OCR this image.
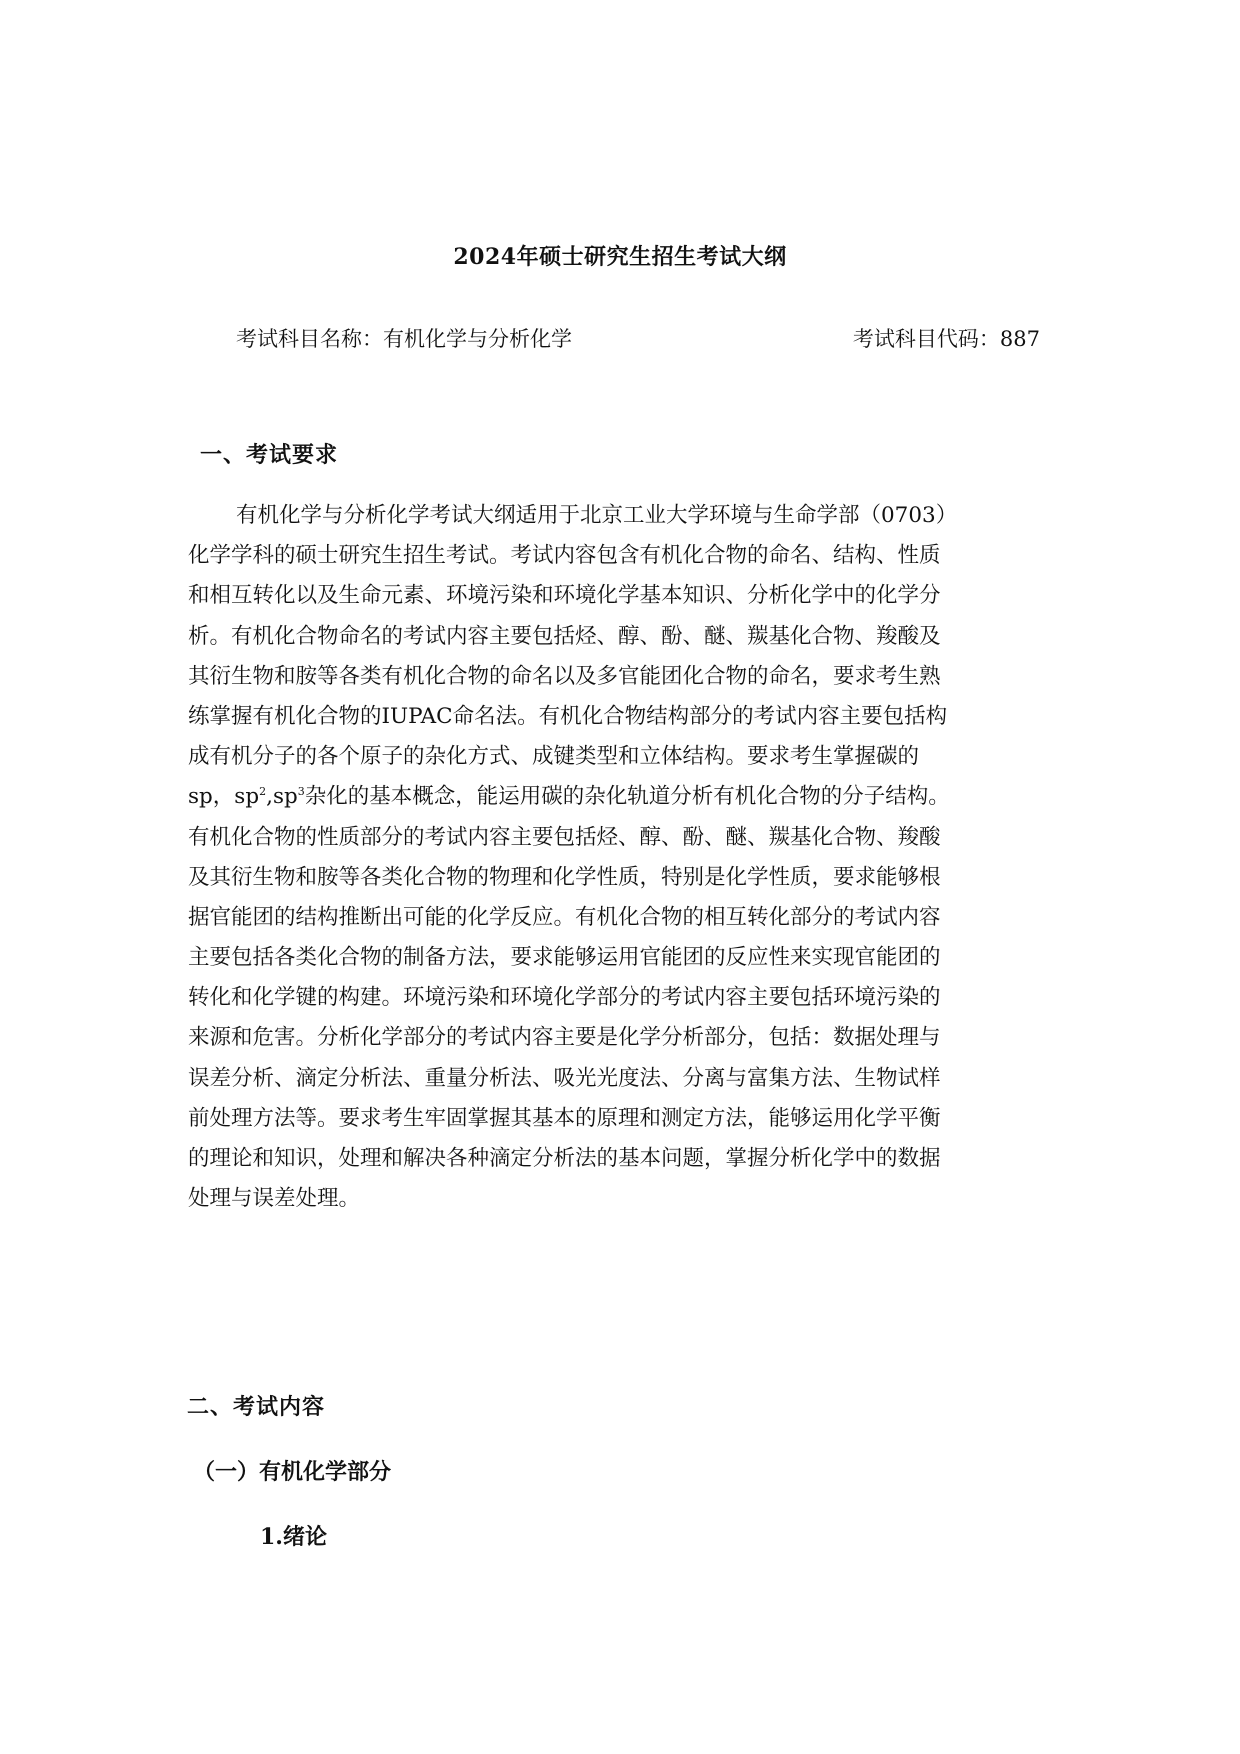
2024年硕士研究生招生考试大纲
考试科目名称：有机化学与分析化学	考试科目代码：887
一、考试要求
有机化学与分析化学考试大纲适用于北京工业大学环境与生命学部（0703）
化学学科的硕士研究生招生考试。考试内容包含有机化合物的命名、结构、性质
和相互转化以及生命元素、环境污染和环境化学基本知识、分析化学中的化学分
析。有机化合物命名的考试内容主要包括烃、醇、酚、醚、羰基化合物、羧酸及
其衍生物和胺等各类有机化合物的命名以及多官能团化合物的命名，要求考生熟
练掌握有机化合物的IUPAC命名法。有机化合物结构部分的考试内容主要包括构
成有机分子的各个原子的杂化方式、成键类型和立体结构。要求考生掌握碳的
sp，$sp^2,sp^3$杂化的基本概念，能运用碳的杂化轨道分析有机化合物的分子结构。
有机化合物的性质部分的考试内容主要包括烃、醇、酚、醚、羰基化合物、羧酸
及其衍生物和胺等各类化合物的物理和化学性质，特别是化学性质，要求能够根
据官能团的结构推断出可能的化学反应。有机化合物的相互转化部分的考试内容
主要包括各类化合物的制备方法，要求能够运用官能团的反应性来实现官能团的
转化和化学键的构建。环境污染和环境化学部分的考试内容主要包括环境污染的
来源和危害。分析化学部分的考试内容主要是化学分析部分，包括：数据处理与
误差分析、滴定分析法、重量分析法、吸光光度法、分离与富集方法、生物试样
前处理方法等。要求考生牢固掌握其基本的原理和测定方法，能够运用化学平衡
的理论和知识，处理和解决各种滴定分析法的基本问题，掌握分析化学中的数据
处理与误差处理。
二、考试内容
（一）有机化学部分
1.绪论
